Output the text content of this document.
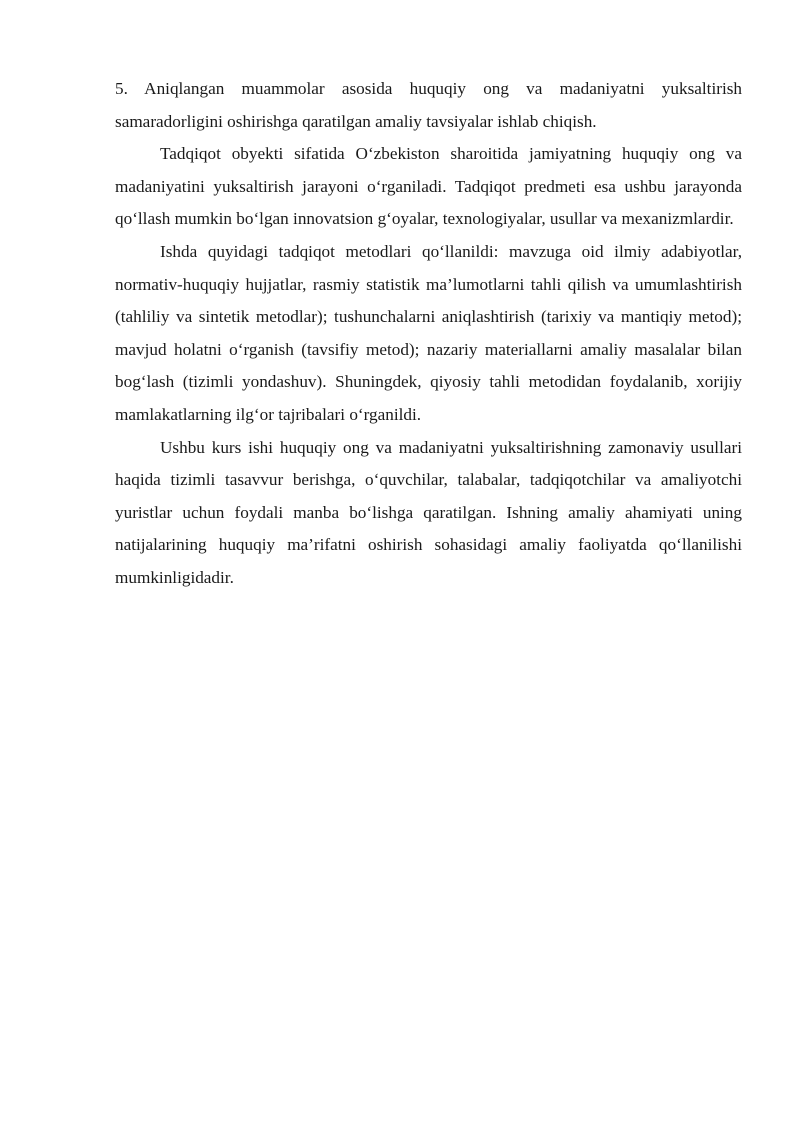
5. Aniqlangan muammolar asosida huquqiy ong va madaniyatni yuksaltirish samaradorligini oshirishga qaratilgan amaliy tavsiyalar ishlab chiqish.

Tadqiqot obyekti sifatida O‘zbekiston sharoitida jamiyatning huquqiy ong va madaniyatini yuksaltirish jarayoni o‘rganiladi. Tadqiqot predmeti esa ushbu jarayonda qo‘llash mumkin bo‘lgan innovatsion g‘oyalar, texnologiyalar, usullar va mexanizmlardir.

Ishda quyidagi tadqiqot metodlari qo‘llanildi: mavzuga oid ilmiy adabiyotlar, normativ-huquqiy hujjatlar, rasmiy statistik ma’lumotlarni tahli qilish va umumlashtirish (tahliliy va sintetik metodlar); tushunchalarni aniqlashtirish (tarixiy va mantiqiy metod); mavjud holatni o‘rganish (tavsifiy metod); nazariy materiallarni amaliy masalalar bilan bog‘lash (tizimli yondashuv). Shuningdek, qiyosiy tahli metodidan foydalanib, xorijiy mamlakatlarning ilg‘or tajribalari o‘rganildi.

Ushbu kurs ishi huquqiy ong va madaniyatni yuksaltirishning zamonaviy usullari haqida tizimli tasavvur berishga, o‘quvchilar, talabalar, tadqiqotchilar va amaliyotchi yuristlar uchun foydali manba bo‘lishga qaratilgan. Ishning amaliy ahamiyati uning natijalarining huquqiy ma’rifatni oshirish sohasidagi amaliy faoliyatda qo‘llanilishi mumkinligidadir.
